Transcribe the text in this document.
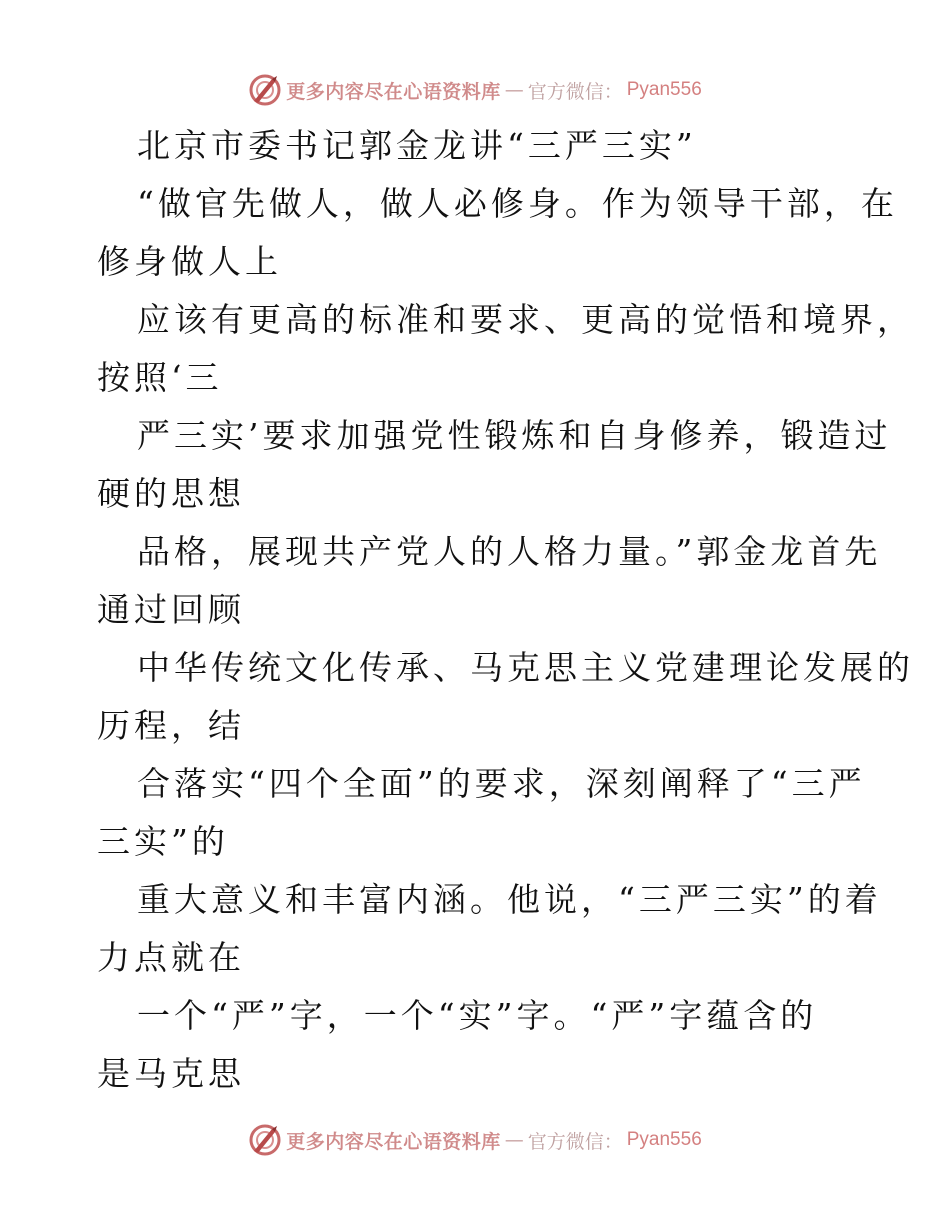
更多内容尽在心语资料库 — 官方微信： Pyan556
北京市委书记郭金龙讲“三严三实”
“做官先做人，做人必修身。作为领导干部，在
修身做人上
应该有更高的标准和要求、更高的觉悟和境界，
按照‘三
严三实’要求加强党性锻炼和自身修养，锻造过
硬的思想
品格，展现共产党人的人格力量。”郭金龙首先
通过回顾
中华传统文化传承、马克思主义党建理论发展的
历程，结
合落实“四个全面”的要求，深刻阐释了“三严
三实”的
重大意义和丰富内涵。他说，“三严三实”的着
力点就在
一个“严”字，一个“实”字。“严”字蕴含的
是马克思
更多内容尽在心语资料库 — 官方微信： Pyan556
